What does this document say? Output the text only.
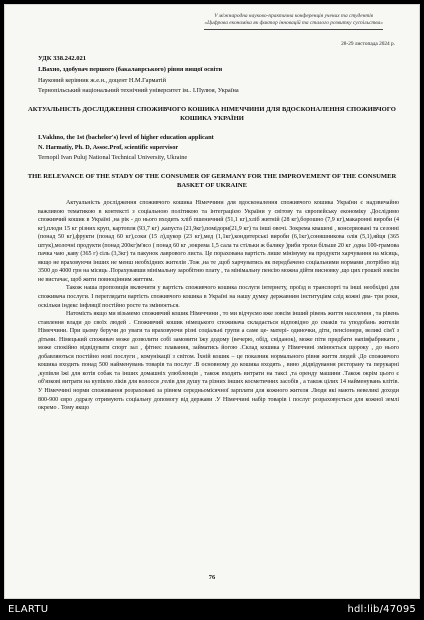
V міжнародна науково-практична конференція учених та студентів
«Цифрова економіка як фактор інновацій та сталого розвитку суспільства»
28-29 листопада 2024 р.
УДК 338.242.021
І.Вахно, здобувач першого (бакалаврського) рівня вищої освіти
Науковий керівник ж.е.н., доцент Н.М.Гарматій
Тернопільський національний технічний університет ім.. І.Пулюя, Україна
АКТУАЛЬНІСТЬ ДОСЛІДЖЕННЯ СПОЖИВЧОГО КОШИКА НІМЕЧЧИНИ ДЛЯ ВДОСКОНАЛЕННЯ СПОЖИВЧОГО КОШИКА УКРАЇНИ
I.Vakhno, the 1st (bachelor's) level of higher education applicant
N. Harmatiy, Ph. D, Assoc.Prof, scientific supervisor
Ternopil Ivan Puluj National Technical University, Ukraine
THE RELEVANCE OF THE STADY OF THE CONSUMER OF GERMANY FOR THE IMPROVEMENT OF THE CONSUMER BASKET OF UKRAINE

Актуальність дослідження споживчого кошика Німеччини для вдосконалення споживчого кошика України є надзвичайно важливою тематикою в контексті з соціальною політикою та інтеграцією України у світову та європейську економіку .Дослідимо споживчий кошик в Україні ,на рік - до нього входить хліб пшеничний (51,1 кг),хліб житній (28 кг),борошно (7,9 кг),макаронні вироби (4 кг),плоди 15 кг різних круп, картопля (93,7 кг) ,капуста (21,9кг),помідори(21,9 кг) та інші овочі. Зокрема квашені , консервовані та сезонні (понад 50 кг),фрукти (понад 60 кг),соки (15 л),цукор (23 кг),мед (1,1кг),кондитерські вироби (6,1кг),соняшникова олія (5,1),яйця (365 штук),молочні продукти (понад 200кг)м'ясо ( понад 60 кг ,зокрема 1,5 сала та стільки ж балику )риби трохи більше 20 кг ,одна 100-грамова пачка чаю ,каву (365 г) сіль (3,3кг) та пакунок лаврового листа. Це порахована вартість лише мінімуму на продукти харчування на місяць, якщо не враховуючи інших не менш необхідних жителів .Тож ,на те ,щоб харчуватись як передбачено соціальними нормами ,потрібно від 3500 до 4000 грн на місяць .Порахувавши мінімальну заробітню плату , та мінімальну пенсію можна дійти висновку ,що цих грошей зовсім не вистачає, щоб жити повноцінним життям.

Також наша пропозиція включити у вартість споживчого кошика послуги інтернету, проїзд в транспорті та інші необхідні для споживача послуги. І переглядати вартість споживчого кошика в Україні на нашу думку державним інституціям слід кожні два- три роки, оскільки індекс інфляції постійно росте та змінюється.

Натомість якщо ми візьмемо споживчий кошик Німеччини , то ми відчуємо вже зовсім інший рівень життя населення , та рівень ставлення влади до своїх людей . Споживчий кошик німецького споживача складається відповідно до смаків та уподобань жителів Німеччини. При цьому беручи до уваги та враховуючи різні соціальні групи а саме це- матері- одиночки, діти, пенсіонери, великі сім'ї з дітьми. Німецький споживач може дозволити собі замовити їжу додому (вечерю, обід, сніданок), може піти придбати напівфабрикати , може спокійно відвідувати спорт зал , фітнес плавання, займатись йогою .Склад кошика у Німеччині змінюється щороку , до нього добавляються постійно нові послуги , комунікації з світом. Їхній кошик – це показник нормального рівня життя людей .До споживчого кошика входить понад 500 найменувань товарів та послуг .В основному до кошика входять , вино ,відвідування ресторану та перукарні ,купівля їжі для котів собак та інших домашніх улюбленців , також входять витрати на таксі ,та оренду машини .Також окрім цього є об'язкові витрати на купівлю ліків для волосся ,гелів для душу та різних інших косметичних засобів , а також цілих 14 найменувань клітів. У Німеччині норми споживання розраховані за рівнем середньомісячної зарплати для кожного жителя .Люди які мають невеликі доходи 800-900 євро ,одразу отримують соціальну допомогу від держави .У Німеччині набір товарів і послуг розраховується для кожної землі окремо . Тому якщо

76
ELARTU	hdl:lib/47095
